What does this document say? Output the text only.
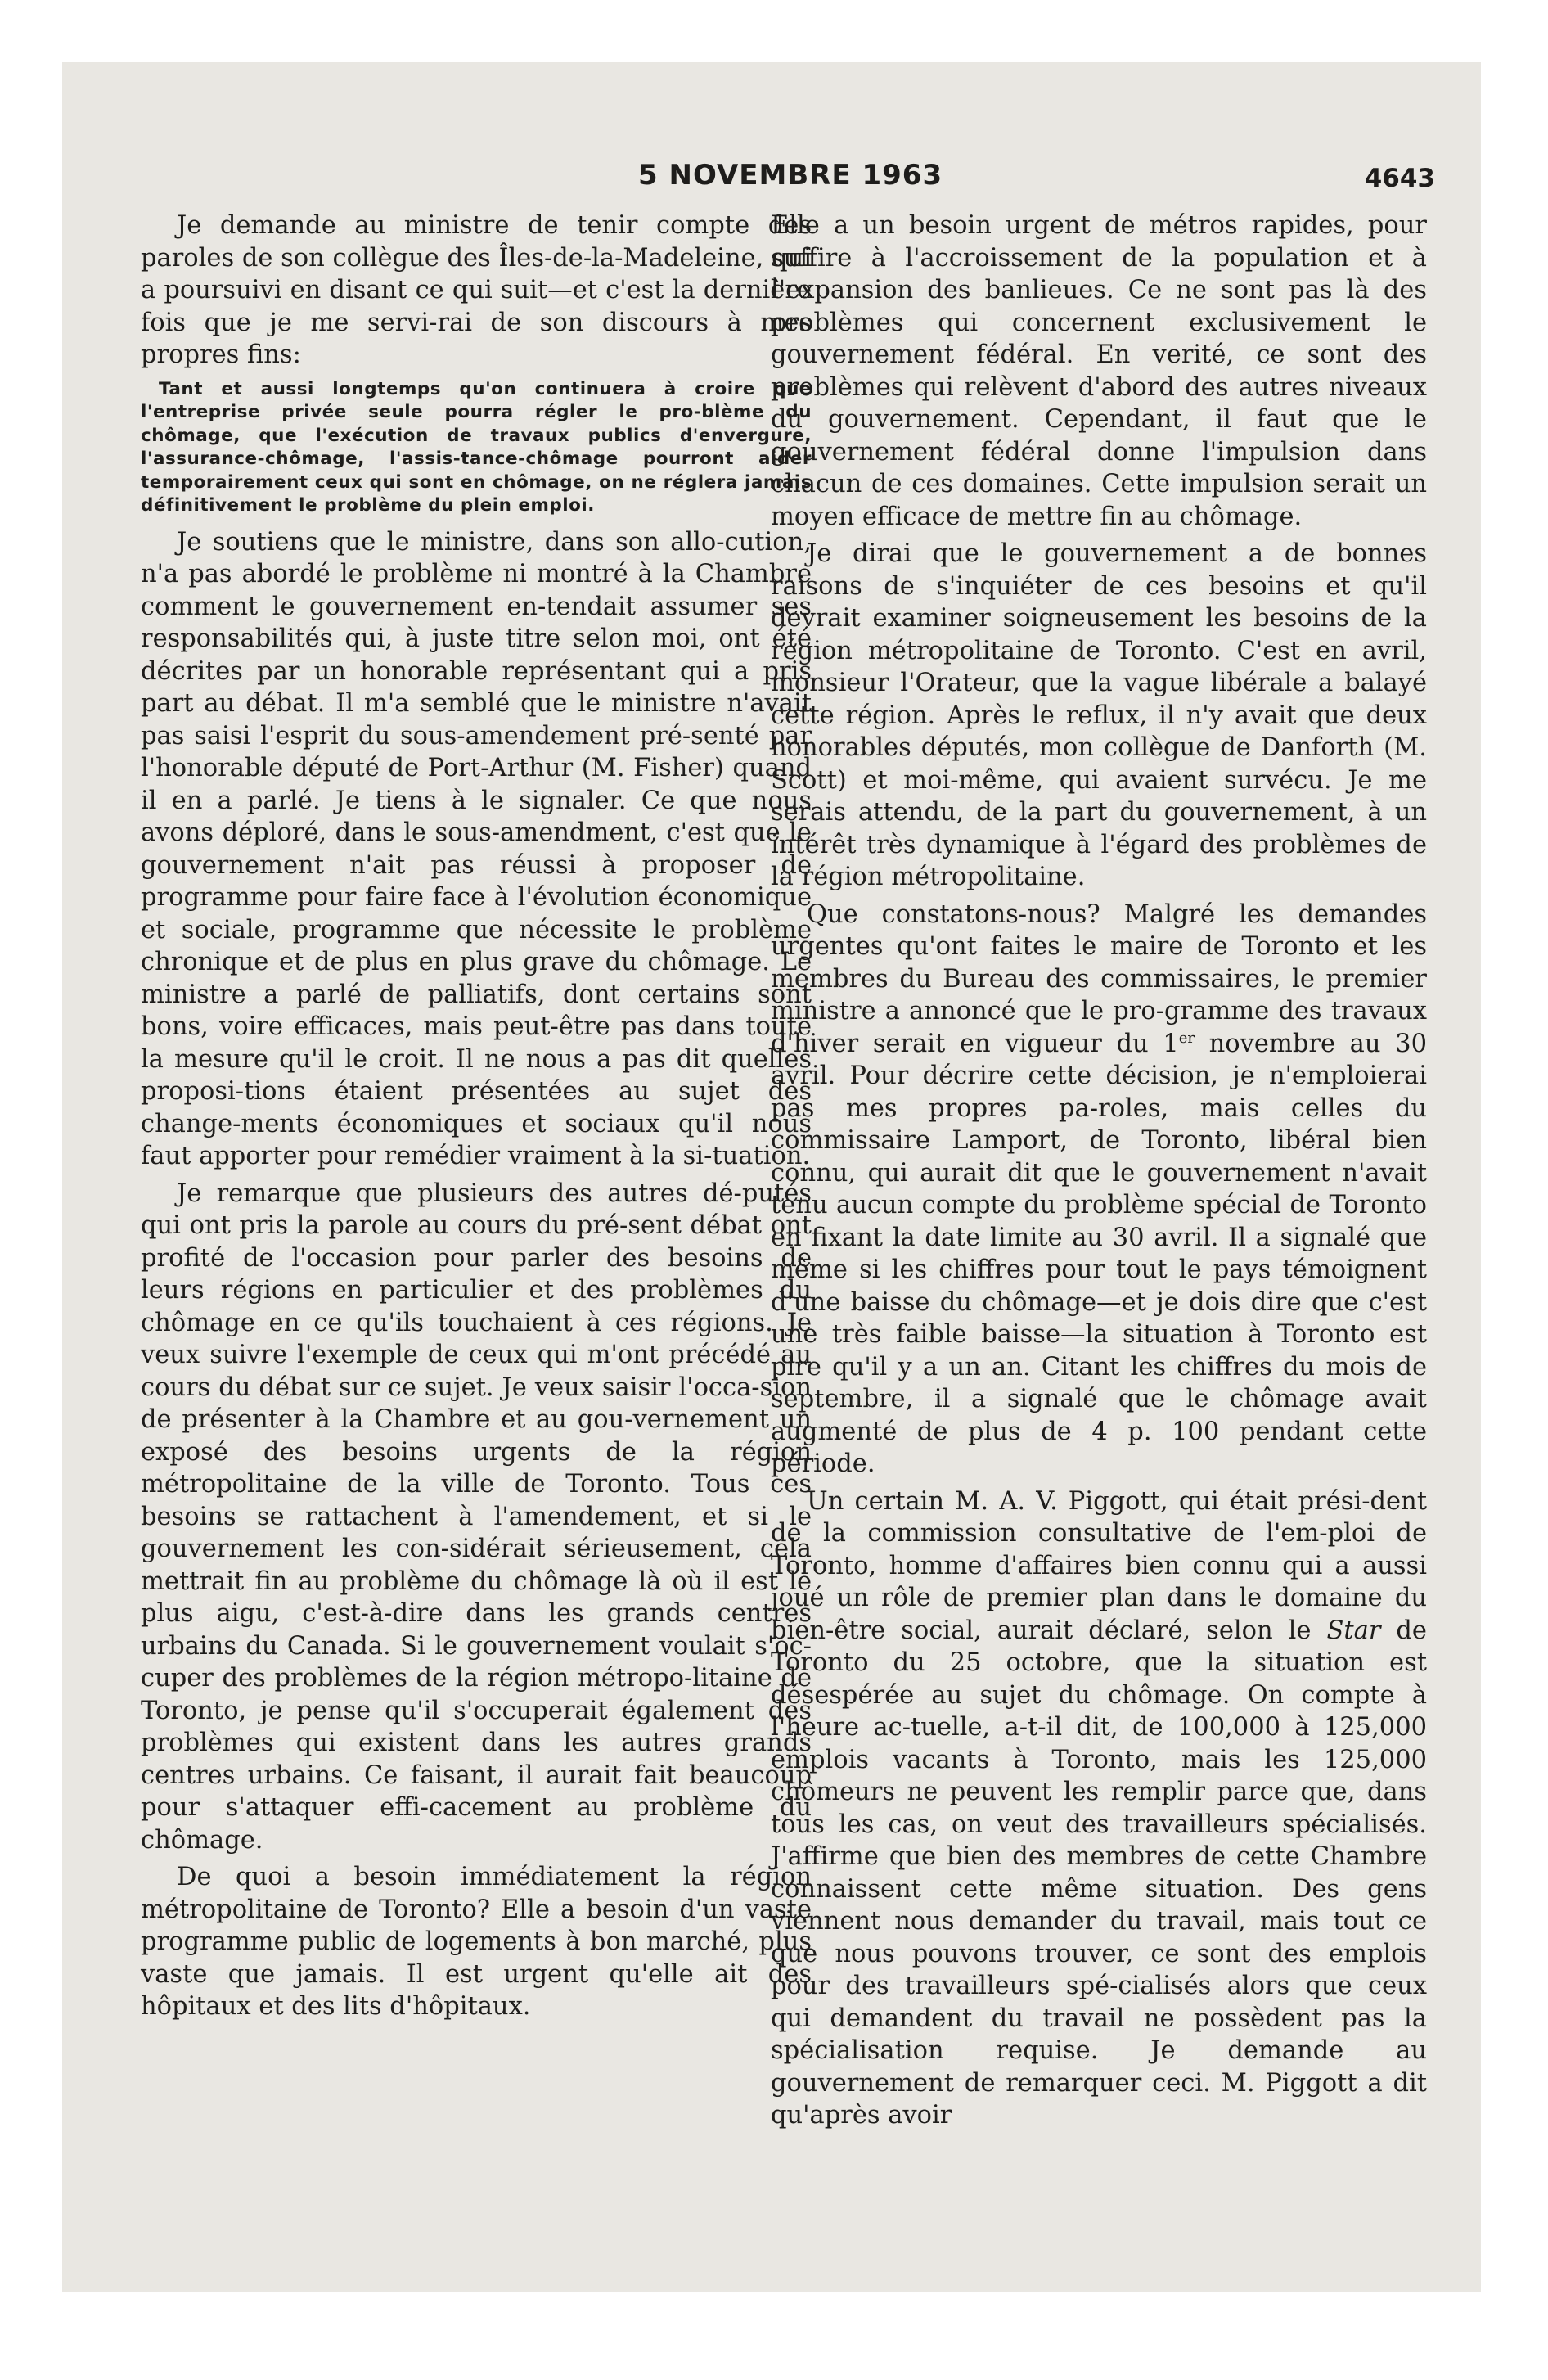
5 NOVEMBRE 1963	4643

Je demande au ministre de tenir compte des paroles de son collègue des Îles-de-la-Madeleine, qui a poursuivi en disant ce qui suit—et c'est la dernière fois que je me servi-rai de son discours à mes propres fins:

Tant et aussi longtemps qu'on continuera à croire que l'entreprise privée seule pourra régler le pro-blème du chômage, que l'exécution de travaux publics d'envergure, l'assurance-chômage, l'assis-tance-chômage pourront aider temporairement ceux qui sont en chômage, on ne réglera jamais définitivement le problème du plein emploi.

Je soutiens que le ministre, dans son allo-cution, n'a pas abordé le problème ni montré à la Chambre comment le gouvernement en-tendait assumer ses responsabilités qui, à juste titre selon moi, ont été décrites par un honorable représentant qui a pris part au débat. Il m'a semblé que le ministre n'avait pas saisi l'esprit du sous-amendement pré-senté par l'honorable député de Port-Arthur (M. Fisher) quand il en a parlé. Je tiens à le signaler. Ce que nous avons déploré, dans le sous-amendment, c'est que le gouvernement n'ait pas réussi à proposer de programme pour faire face à l'évolution économique et sociale, programme que nécessite le problème chronique et de plus en plus grave du chômage. Le ministre a parlé de palliatifs, dont certains sont bons, voire efficaces, mais peut-être pas dans toute la mesure qu'il le croit. Il ne nous a pas dit quelles proposi-tions étaient présentées au sujet des change-ments économiques et sociaux qu'il nous faut apporter pour remédier vraiment à la si-tuation.

Je remarque que plusieurs des autres dé-putés qui ont pris la parole au cours du pré-sent débat ont profité de l'occasion pour parler des besoins de leurs régions en particulier et des problèmes du chômage en ce qu'ils touchaient à ces régions. Je veux suivre l'exemple de ceux qui m'ont précédé au cours du débat sur ce sujet. Je veux saisir l'occa-sion de présenter à la Chambre et au gou-vernement un exposé des besoins urgents de la région métropolitaine de la ville de Toronto. Tous ces besoins se rattachent à l'amendement, et si le gouvernement les con-sidérait sérieusement, cela mettrait fin au problème du chômage là où il est le plus aigu, c'est-à-dire dans les grands centres urbains du Canada. Si le gouvernement voulait s'oc-cuper des problèmes de la région métropo-litaine de Toronto, je pense qu'il s'occuperait également des problèmes qui existent dans les autres grands centres urbains. Ce faisant, il aurait fait beaucoup pour s'attaquer effi-cacement au problème du chômage.

De quoi a besoin immédiatement la région métropolitaine de Toronto? Elle a besoin d'un vaste programme public de logements à bon marché, plus vaste que jamais. Il est urgent qu'elle ait des hôpitaux et des lits d'hôpitaux.

Elle a un besoin urgent de métros rapides, pour suffire à l'accroissement de la population et à l'expansion des banlieues. Ce ne sont pas là des problèmes qui concernent exclusivement le gouvernement fédéral. En verité, ce sont des problèmes qui relèvent d'abord des autres niveaux du gouvernement. Cependant, il faut que le gouvernement fédéral donne l'impulsion dans chacun de ces domaines. Cette impulsion serait un moyen efficace de mettre fin au chômage.

Je dirai que le gouvernement a de bonnes raisons de s'inquiéter de ces besoins et qu'il devrait examiner soigneusement les besoins de la région métropolitaine de Toronto. C'est en avril, monsieur l'Orateur, que la vague libérale a balayé cette région. Après le reflux, il n'y avait que deux honorables députés, mon collègue de Danforth (M. Scott) et moi-même, qui avaient survécu. Je me serais attendu, de la part du gouvernement, à un intérêt très dynamique à l'égard des problèmes de la région métropolitaine.

Que constatons-nous? Malgré les demandes urgentes qu'ont faites le maire de Toronto et les membres du Bureau des commissaires, le premier ministre a annoncé que le pro-gramme des travaux d'hiver serait en vigueur du 1er novembre au 30 avril. Pour décrire cette décision, je n'emploierai pas mes propres pa-roles, mais celles du commissaire Lamport, de Toronto, libéral bien connu, qui aurait dit que le gouvernement n'avait tenu aucun compte du problème spécial de Toronto en fixant la date limite au 30 avril. Il a signalé que même si les chiffres pour tout le pays témoignent d'une baisse du chômage—et je dois dire que c'est une très faible baisse—la situation à Toronto est pire qu'il y a un an. Citant les chiffres du mois de septembre, il a signalé que le chômage avait augmenté de plus de 4 p. 100 pendant cette période.

Un certain M. A. V. Piggott, qui était prési-dent de la commission consultative de l'em-ploi de Toronto, homme d'affaires bien connu qui a aussi joué un rôle de premier plan dans le domaine du bien-être social, aurait déclaré, selon le Star de Toronto du 25 octobre, que la situation est désespérée au sujet du chômage. On compte à l'heure ac-tuelle, a-t-il dit, de 100,000 à 125,000 emplois vacants à Toronto, mais les 125,000 chômeurs ne peuvent les remplir parce que, dans tous les cas, on veut des travailleurs spécialisés. J'affirme que bien des membres de cette Chambre connaissent cette même situation. Des gens viennent nous demander du travail, mais tout ce que nous pouvons trouver, ce sont des emplois pour des travailleurs spé-cialisés alors que ceux qui demandent du travail ne possèdent pas la spécialisation requise. Je demande au gouvernement de remarquer ceci. M. Piggott a dit qu'après avoir
